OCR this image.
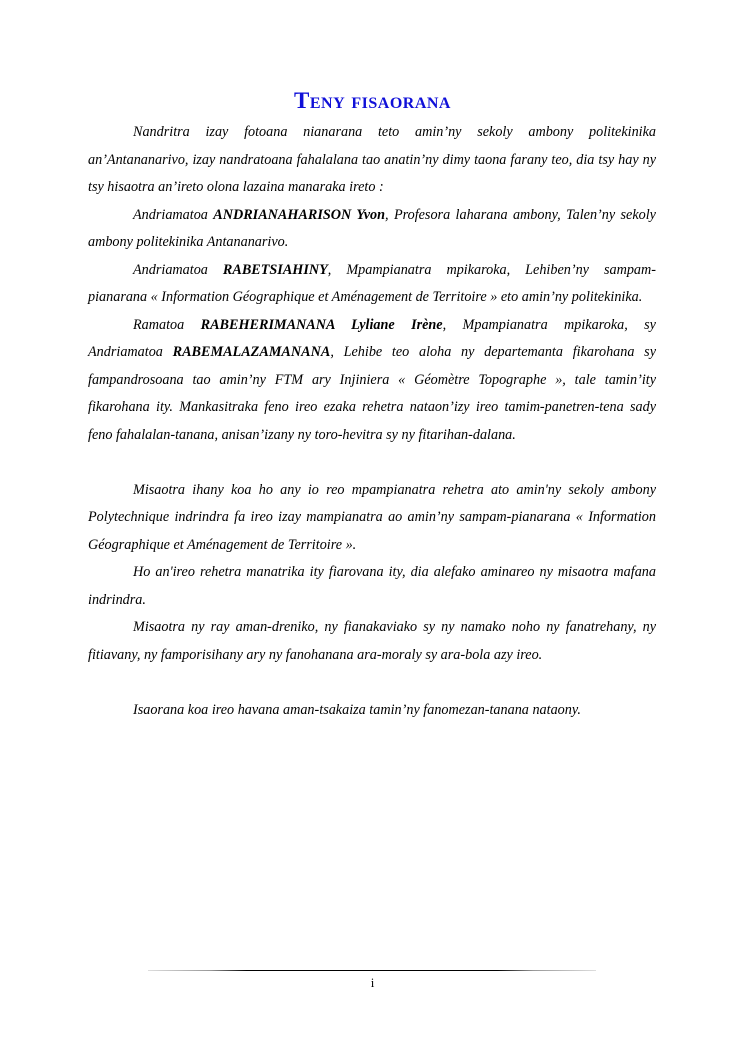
Teny fisaorana

Nandritra izay fotoana nianarana teto amin’ny sekoly ambony politekinika an’Antananarivo, izay nandratoana fahalalana tao anatin’ny dimy taona farany teo, dia tsy hay ny tsy hisaotra an’ireto olona lazaina manaraka ireto :

Andriamatoa ANDRIANAHARISON Yvon, Profesora laharana ambony, Talen’ny sekoly ambony politekinika Antananarivo.

Andriamatoa RABETSIAHINY, Mpampianatra mpikaroka, Lehiben’ny sampam-pianarana « Information Géographique et Aménagement de Territoire » eto amin’ny politekinika.

Ramatoa RABEHERIMANANA Lyliane Irène, Mpampianatra mpikaroka, sy Andriamatoa RABEMALAZAMANANA, Lehibe teo aloha ny departemanta fikarohana sy fampandrosoana tao amin’ny FTM ary Injiniera « Géomètre Topographe », tale tamin’ity fikarohana ity. Mankasitraka feno ireo ezaka rehetra nataon’izy ireo tamim-panetren-tena sady feno fahalalan-tanana, anisan’izany ny toro-hevitra sy ny fitarihan-dalana.

Misaotra ihany koa ho any io reo mpampianatra rehetra ato amin'ny sekoly ambony Polytechnique indrindra fa ireo izay mampianatra ao amin’ny sampam-pianarana « Information Géographique et Aménagement de Territoire ».

Ho an'ireo rehetra manatrika ity fiarovana ity, dia alefako aminareo ny misaotra mafana indrindra.

Misaotra ny ray aman-dreniko, ny fianakaviako sy ny namako noho ny fanatrehany, ny fitiavany, ny famporisihany ary ny fanohanana ara-moraly sy ara-bola azy ireo.

Isaorana koa ireo havana aman-tsakaiza tamin’ny fanomezan-tanana nataony.

i
